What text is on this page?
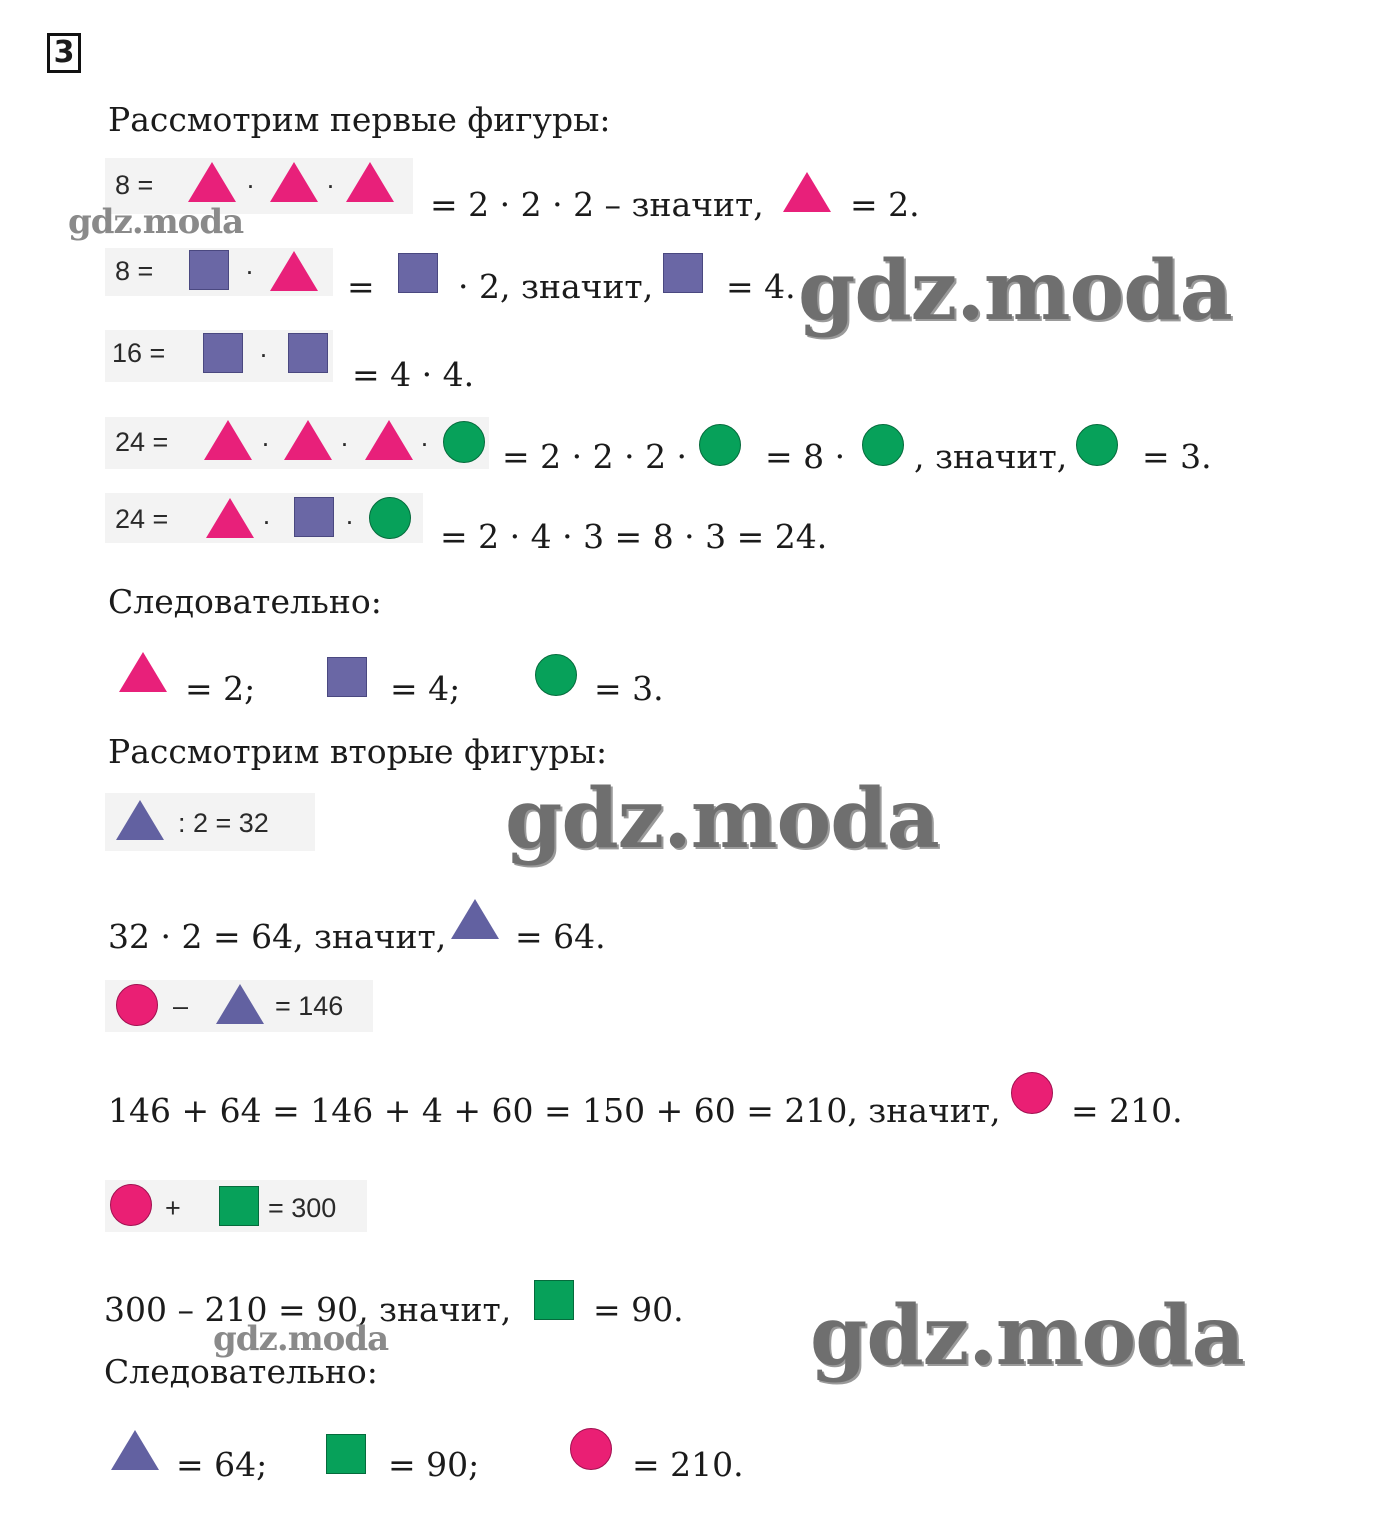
3
Рассмотрим первые фигуры:
8 =	·	·	= 2 · 2 · 2 – значит,	= 2.
8 =	·	=	· 2, значит, = 4.
16 =	·
= 4 · 4.
24 =	·	·	· = 2 · 2 · 2 · = 8 · , значит, = 3.
24 =	·	·	= 2 · 4 · 3 = 8 · 3 = 24.
Следовательно:
= 2;	= 4;	= 3.
Рассмотрим вторые фигуры:
: 2 = 32
32 · 2 = 64, значит, = 64.
–	= 146
146 + 64 = 146 + 4 + 60 = 150 + 60 = 210, значит, = 210.
+	= 300
300 – 210 = 90, значит, = 90.
Следовательно:
= 64;	= 90;	= 210.
gdz.moda
gdz.moda
gdz.moda
gdz.moda	gdz.moda
